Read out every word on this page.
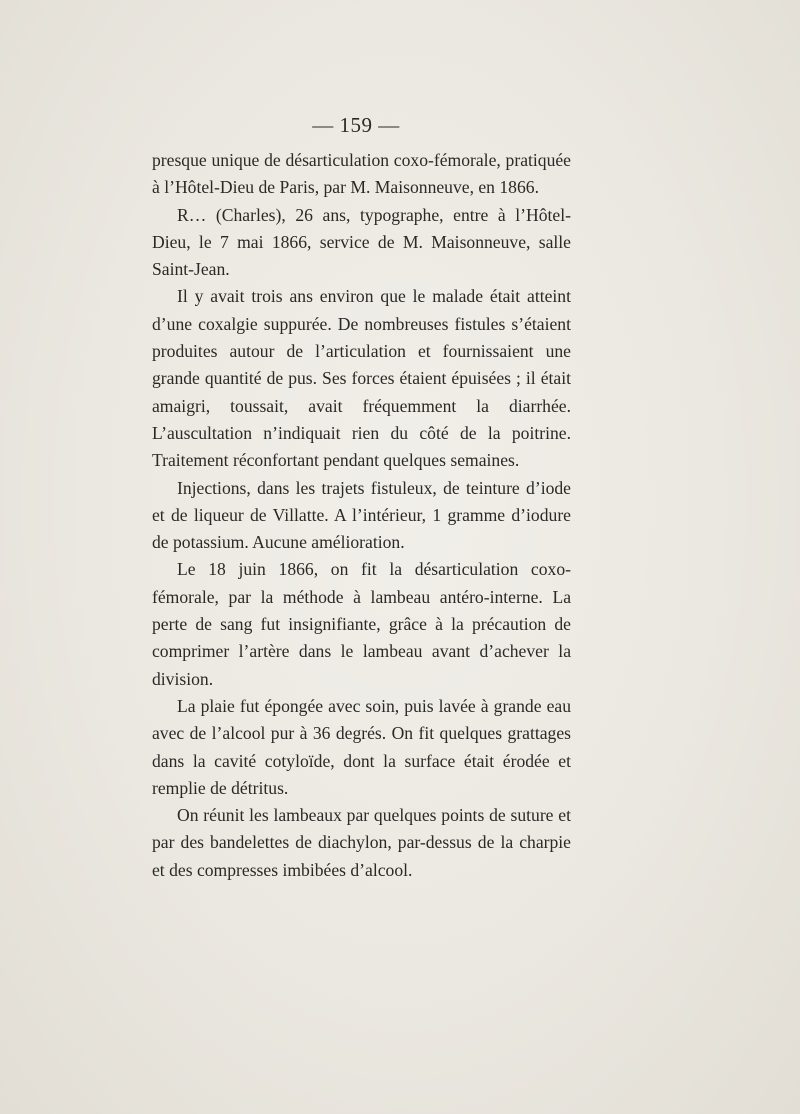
— 159 —

presque unique de désarticulation coxo-fémorale, pratiquée à l’Hôtel-Dieu de Paris, par M. Maisonneuve, en 1866.

R… (Charles), 26 ans, typographe, entre à l’Hôtel-Dieu, le 7 mai 1866, service de M. Maisonneuve, salle Saint-Jean.

Il y avait trois ans environ que le malade était atteint d’une coxalgie suppurée. De nombreuses fistules s’étaient produites autour de l’articulation et fournissaient une grande quantité de pus. Ses forces étaient épuisées ; il était amaigri, toussait, avait fréquemment la diarrhée. L’auscultation n’indiquait rien du côté de la poitrine. Traitement réconfortant pendant quelques semaines.

Injections, dans les trajets fistuleux, de teinture d’iode et de liqueur de Villatte. A l’intérieur, 1 gramme d’iodure de potassium. Aucune amélioration.

Le 18 juin 1866, on fit la désarticulation coxo-fémorale, par la méthode à lambeau antéro-interne. La perte de sang fut insignifiante, grâce à la précaution de comprimer l’artère dans le lambeau avant d’achever la division.

La plaie fut épongée avec soin, puis lavée à grande eau avec de l’alcool pur à 36 degrés. On fit quelques grattages dans la cavité cotyloïde, dont la surface était érodée et remplie de détritus.

On réunit les lambeaux par quelques points de suture et par des bandelettes de diachylon, par-dessus de la charpie et des compresses imbibées d’alcool.
